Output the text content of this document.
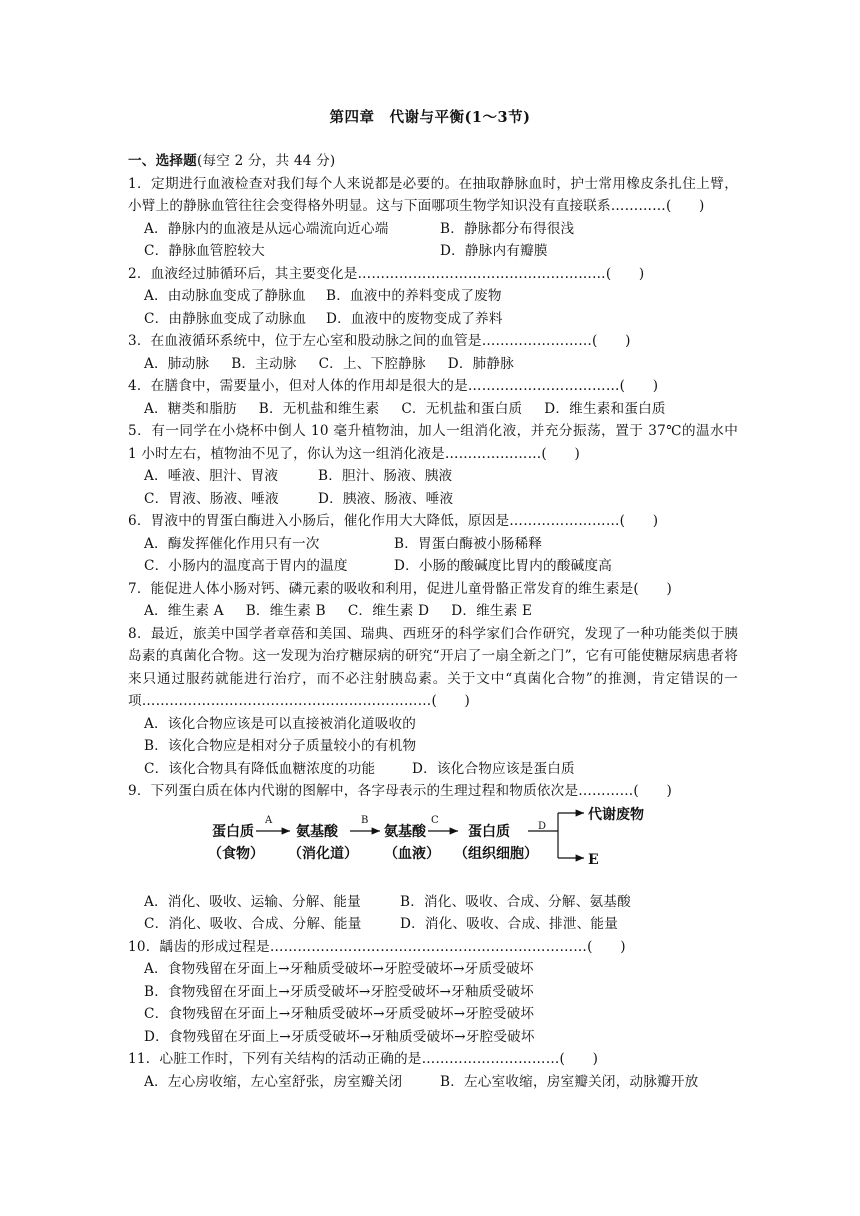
第四章　代谢与平衡(1～3节)
一、选择题(每空 2 分，共 44 分)
1．定期进行血液检查对我们每个人来说都是必要的。在抽取静脉血时，护士常用橡皮条扎住上臂，小臂上的静脉血管往往会变得格外明显。这与下面哪项生物学知识没有直接联系…………(　　)
A．静脉内的血液是从远心端流向近心端	B．静脉都分布得很浅
C．静脉血管腔较大	D．静脉内有瓣膜
2．血液经过肺循环后，其主要变化是………………………………………………(　　)
A．由动脉血变成了静脉血	B．血液中的养料变成了废物
C．由静脉血变成了动脉血	D．血液中的废物变成了养料
3．在血液循环系统中，位于左心室和股动脉之间的血管是……………………(　　)
A．肺动脉 B．主动脉 C．上、下腔静脉 D．肺静脉
4．在膳食中，需要量小，但对人体的作用却是很大的是……………………………(　　)
A．糖类和脂肪 B．无机盐和维生素 C．无机盐和蛋白质 D．维生素和蛋白质
5．有一同学在小烧杯中倒人 10 毫升植物油，加人一组消化液，并充分振荡，置于 37℃的温水中 1 小时左右，植物油不见了，你认为这一组消化液是…………………(　　)
A．唾液、胆汁、胃液	B．胆汁、肠液、胰液
C．胃液、肠液、唾液	D．胰液、肠液、唾液
6．胃液中的胃蛋白酶进入小肠后，催化作用大大降低，原因是……………………(　　)
A．酶发挥催化作用只有一次	B．胃蛋白酶被小肠稀释
C．小肠内的温度高于胃内的温度	D．小肠的酸碱度比胃内的酸碱度高
7．能促进人体小肠对钙、磷元素的吸收和利用，促进儿童骨骼正常发育的维生素是(　　)
A．维生素 A B．维生素 B C．维生素 D D．维生素 E
8．最近，旅美中国学者章蓓和美国、瑞典、西班牙的科学家们合作研究，发现了一种功能类似于胰岛素的真菌化合物。这一发现为治疗糖尿病的研究“开启了一扇全新之门”，它有可能使糖尿病患者将来只通过服药就能进行治疗，而不必注射胰岛素。关于文中“真菌化合物”的推测，肯定错误的一项………………………………………………………(　　)
A．该化合物应该是可以直接被消化道吸收的
B．该化合物应是相对分子质量较小的有机物
C．该化合物具有降低血糖浓度的功能	D．该化合物应该是蛋白质
9．下列蛋白质在体内代谢的图解中，各字母表示的生理过程和物质依次是…………(　　)
蛋白质
（食物）
氨基酸
（消化道）
氨基酸
（血液）
蛋白质
（组织细胞）
代谢废物
E
A	B	C
D
A．消化、吸收、运输、分解、能量	B．消化、吸收、合成、分解、氨基酸
C．消化、吸收、合成、分解、能量	D．消化、吸收、合成、排泄、能量
10．龋齿的形成过程是……………………………………………………………(　　)
A．食物残留在牙面上→牙釉质受破坏→牙腔受破坏→牙质受破坏
B．食物残留在牙面上→牙质受破坏→牙腔受破坏→牙釉质受破坏
C．食物残留在牙面上→牙釉质受破坏→牙质受破坏→牙腔受破坏
D．食物残留在牙面上→牙质受破坏→牙釉质受破坏→牙腔受破坏
11．心脏工作时，下列有关结构的活动正确的是…………………………(　　)
A．左心房收缩，左心室舒张，房室瓣关闭	B．左心室收缩，房室瓣关闭，动脉瓣开放
